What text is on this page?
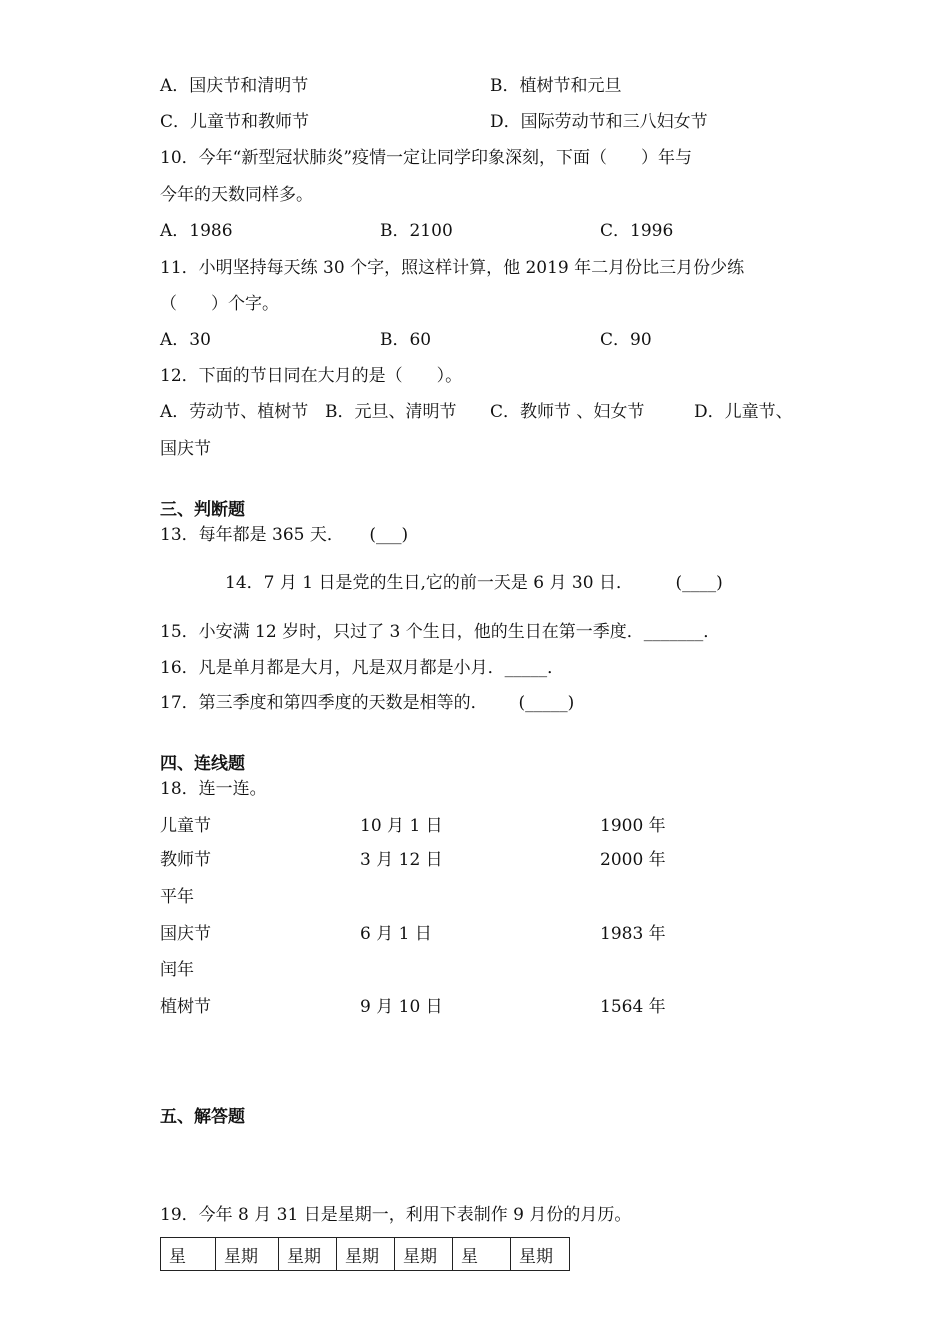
A．国庆节和清明节	B．植树节和元旦
C．儿童节和教师节	D．国际劳动节和三八妇女节
10．今年“新型冠状肺炎”疫情一定让同学印象深刻，下面（　　）年与
今年的天数同样多。
A．1986	B．2100	C．1996
11．小明坚持每天练 30 个字，照这样计算，他 2019 年二月份比三月份少练
（　　）个字。
A．30	B．60	C．90
12．下面的节日同在大月的是（　　）。
A．劳动节、植树节 B．元旦、清明节 C．教师节 、妇女节	D．儿童节、
国庆节
三、判断题
13．每年都是 365 天．　　(___)
14．7 月 1 日是党的生日,它的前一天是 6 月 30 日．　　　(____)
15．小安满 12 岁时，只过了 3 个生日，他的生日在第一季度．_______．
16．凡是单月都是大月，凡是双月都是小月．_____．
17．第三季度和第四季度的天数是相等的．　　 (_____)
四、连线题
18．连一连。
儿童节	10 月 1 日	1900 年
教师节	3 月 12 日	2000 年
平年
国庆节	6 月 1 日	1983 年
闰年
植树节	9 月 10 日	1564 年
五、解答题
19．今年 8 月 31 日是星期一，利用下表制作 9 月份的月历。
星	星期	星期	星期	星期	星	星期
